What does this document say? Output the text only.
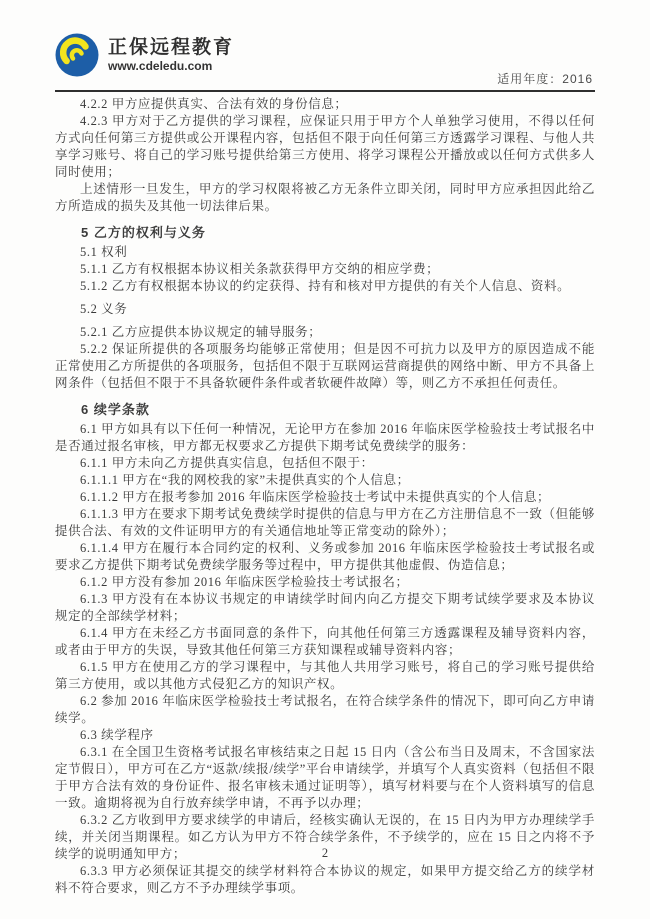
正保远程教育
www.cdeledu.com
适用年度：2016

4.2.2 甲方应提供真实、合法有效的身份信息；

4.2.3 甲方对于乙方提供的学习课程，应保证只用于甲方个人单独学习使用，不得以任何方式向任何第三方提供或公开课程内容，包括但不限于向任何第三方透露学习课程、与他人共享学习账号、将自己的学习账号提供给第三方使用、将学习课程公开播放或以任何方式供多人同时使用；

上述情形一旦发生，甲方的学习权限将被乙方无条件立即关闭，同时甲方应承担因此给乙方所造成的损失及其他一切法律后果。

5 乙方的权利与义务

5.1 权利

5.1.1 乙方有权根据本协议相关条款获得甲方交纳的相应学费；

5.1.2 乙方有权根据本协议的约定获得、持有和核对甲方提供的有关个人信息、资料。

5.2 义务

5.2.1 乙方应提供本协议规定的辅导服务；

5.2.2 保证所提供的各项服务均能够正常使用；但是因不可抗力以及甲方的原因造成不能正常使用乙方所提供的各项服务，包括但不限于互联网运营商提供的网络中断、甲方不具备上网条件（包括但不限于不具备软硬件条件或者软硬件故障）等，则乙方不承担任何责任。

6 续学条款

6.1 甲方如具有以下任何一种情况，无论甲方在参加 2016 年临床医学检验技士考试报名中是否通过报名审核，甲方都无权要求乙方提供下期考试免费续学的服务：

6.1.1 甲方未向乙方提供真实信息，包括但不限于：

6.1.1.1 甲方在“我的网校我的家”未提供真实的个人信息；

6.1.1.2 甲方在报考参加 2016 年临床医学检验技士考试中未提供真实的个人信息；

6.1.1.3 甲方在要求下期考试免费续学时提供的信息与甲方在乙方注册信息不一致（但能够提供合法、有效的文件证明甲方的有关通信地址等正常变动的除外）；

6.1.1.4 甲方在履行本合同约定的权利、义务或参加 2016 年临床医学检验技士考试报名或要求乙方提供下期考试免费续学服务等过程中，甲方提供其他虚假、伪造信息；

6.1.2 甲方没有参加 2016 年临床医学检验技士考试报名；

6.1.3 甲方没有在本协议书规定的申请续学时间内向乙方提交下期考试续学要求及本协议规定的全部续学材料；

6.1.4 甲方在未经乙方书面同意的条件下，向其他任何第三方透露课程及辅导资料内容，或者由于甲方的失误，导致其他任何第三方获知课程或辅导资料内容；

6.1.5 甲方在使用乙方的学习课程中，与其他人共用学习账号，将自己的学习账号提供给第三方使用，或以其他方式侵犯乙方的知识产权。

6.2 参加 2016 年临床医学检验技士考试报名，在符合续学条件的情况下，即可向乙方申请续学。

6.3 续学程序

6.3.1 在全国卫生资格考试报名审核结束之日起 15 日内（含公布当日及周末，不含国家法定节假日），甲方可在乙方“返款/续报/续学”平台申请续学，并填写个人真实资料（包括但不限于甲方合法有效的身份证件、报名审核未通过证明等），填写材料要与在个人资料填写的信息一致。逾期将视为自行放弃续学申请，不再予以办理；

6.3.2 乙方收到甲方要求续学的申请后，经核实确认无误的，在 15 日内为甲方办理续学手续，并关闭当期课程。如乙方认为甲方不符合续学条件，不予续学的，应在 15 日之内将不予续学的说明通知甲方；

6.3.3 甲方必须保证其提交的续学材料符合本协议的规定，如果甲方提交给乙方的续学材料不符合要求，则乙方不予办理续学事项。

2
